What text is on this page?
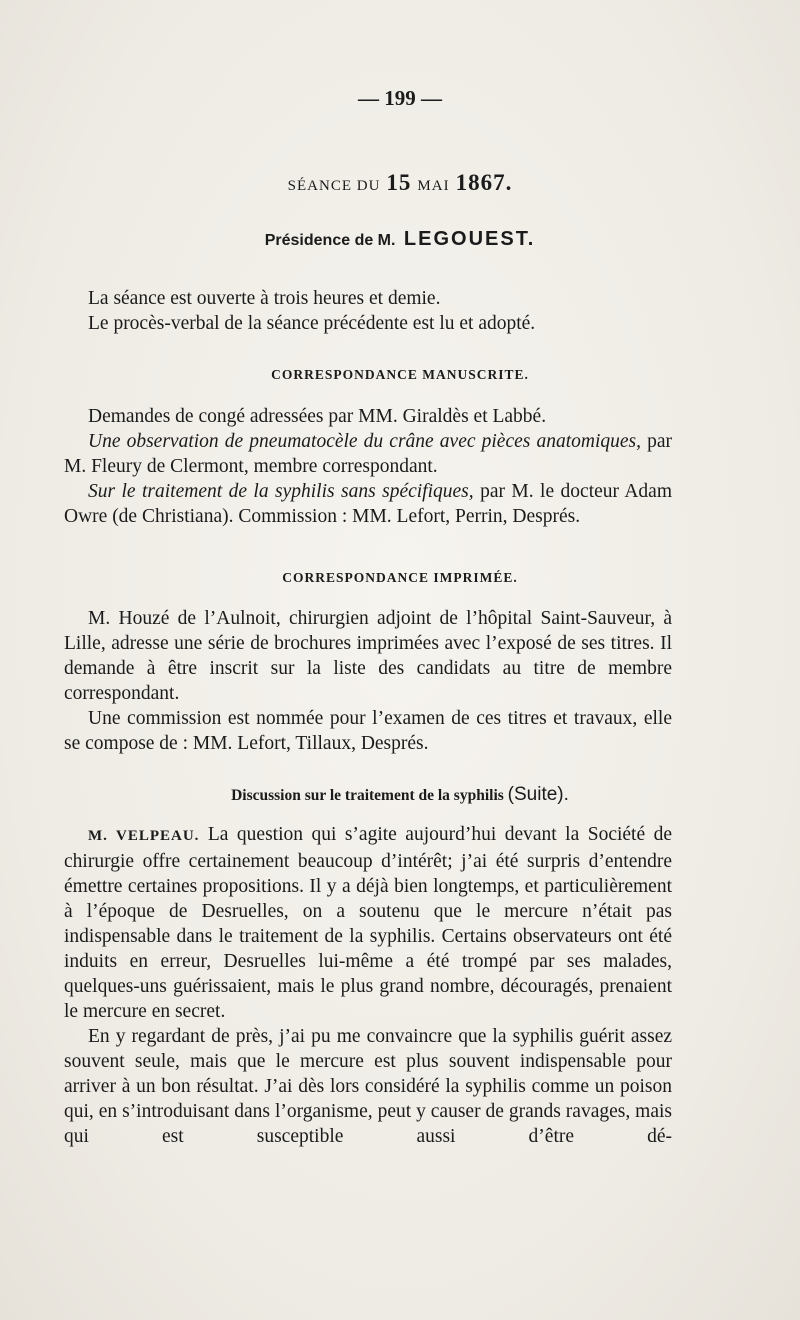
— 199 —
SÉANCE DU 15 MAI 1867.
Présidence de M. LEGOUEST.

La séance est ouverte à trois heures et demie.

Le procès-verbal de la séance précédente est lu et adopté.

CORRESPONDANCE MANUSCRITE.

Demandes de congé adressées par MM. Giraldès et Labbé.

Une observation de pneumatocèle du crâne avec pièces anatomiques, par M. Fleury de Clermont, membre correspondant.

Sur le traitement de la syphilis sans spécifiques, par M. le docteur Adam Owre (de Christiana). Commission : MM. Lefort, Perrin, Després.

CORRESPONDANCE IMPRIMÉE.

M. Houzé de l’Aulnoit, chirurgien adjoint de l’hôpital Saint-Sauveur, à Lille, adresse une série de brochures imprimées avec l’exposé de ses titres. Il demande à être inscrit sur la liste des candidats au titre de membre correspondant.

Une commission est nommée pour l’examen de ces titres et travaux, elle se compose de : MM. Lefort, Tillaux, Després.

Discussion sur le traitement de la syphilis (Suite).

M. VELPEAU. La question qui s’agite aujourd’hui devant la Société de chirurgie offre certainement beaucoup d’intérêt; j’ai été surpris d’entendre émettre certaines propositions. Il y a déjà bien longtemps, et particulièrement à l’époque de Desruelles, on a soutenu que le mercure n’était pas indispensable dans le traitement de la syphilis. Certains observateurs ont été induits en erreur, Desruelles lui-même a été trompé par ses malades, quelques-uns guérissaient, mais le plus grand nombre, découragés, prenaient le mercure en secret.

En y regardant de près, j’ai pu me convaincre que la syphilis guérit assez souvent seule, mais que le mercure est plus souvent indispensable pour arriver à un bon résultat. J’ai dès lors considéré la syphilis comme un poison qui, en s’introduisant dans l’organisme, peut y causer de grands ravages, mais qui est susceptible aussi d’être dé-
